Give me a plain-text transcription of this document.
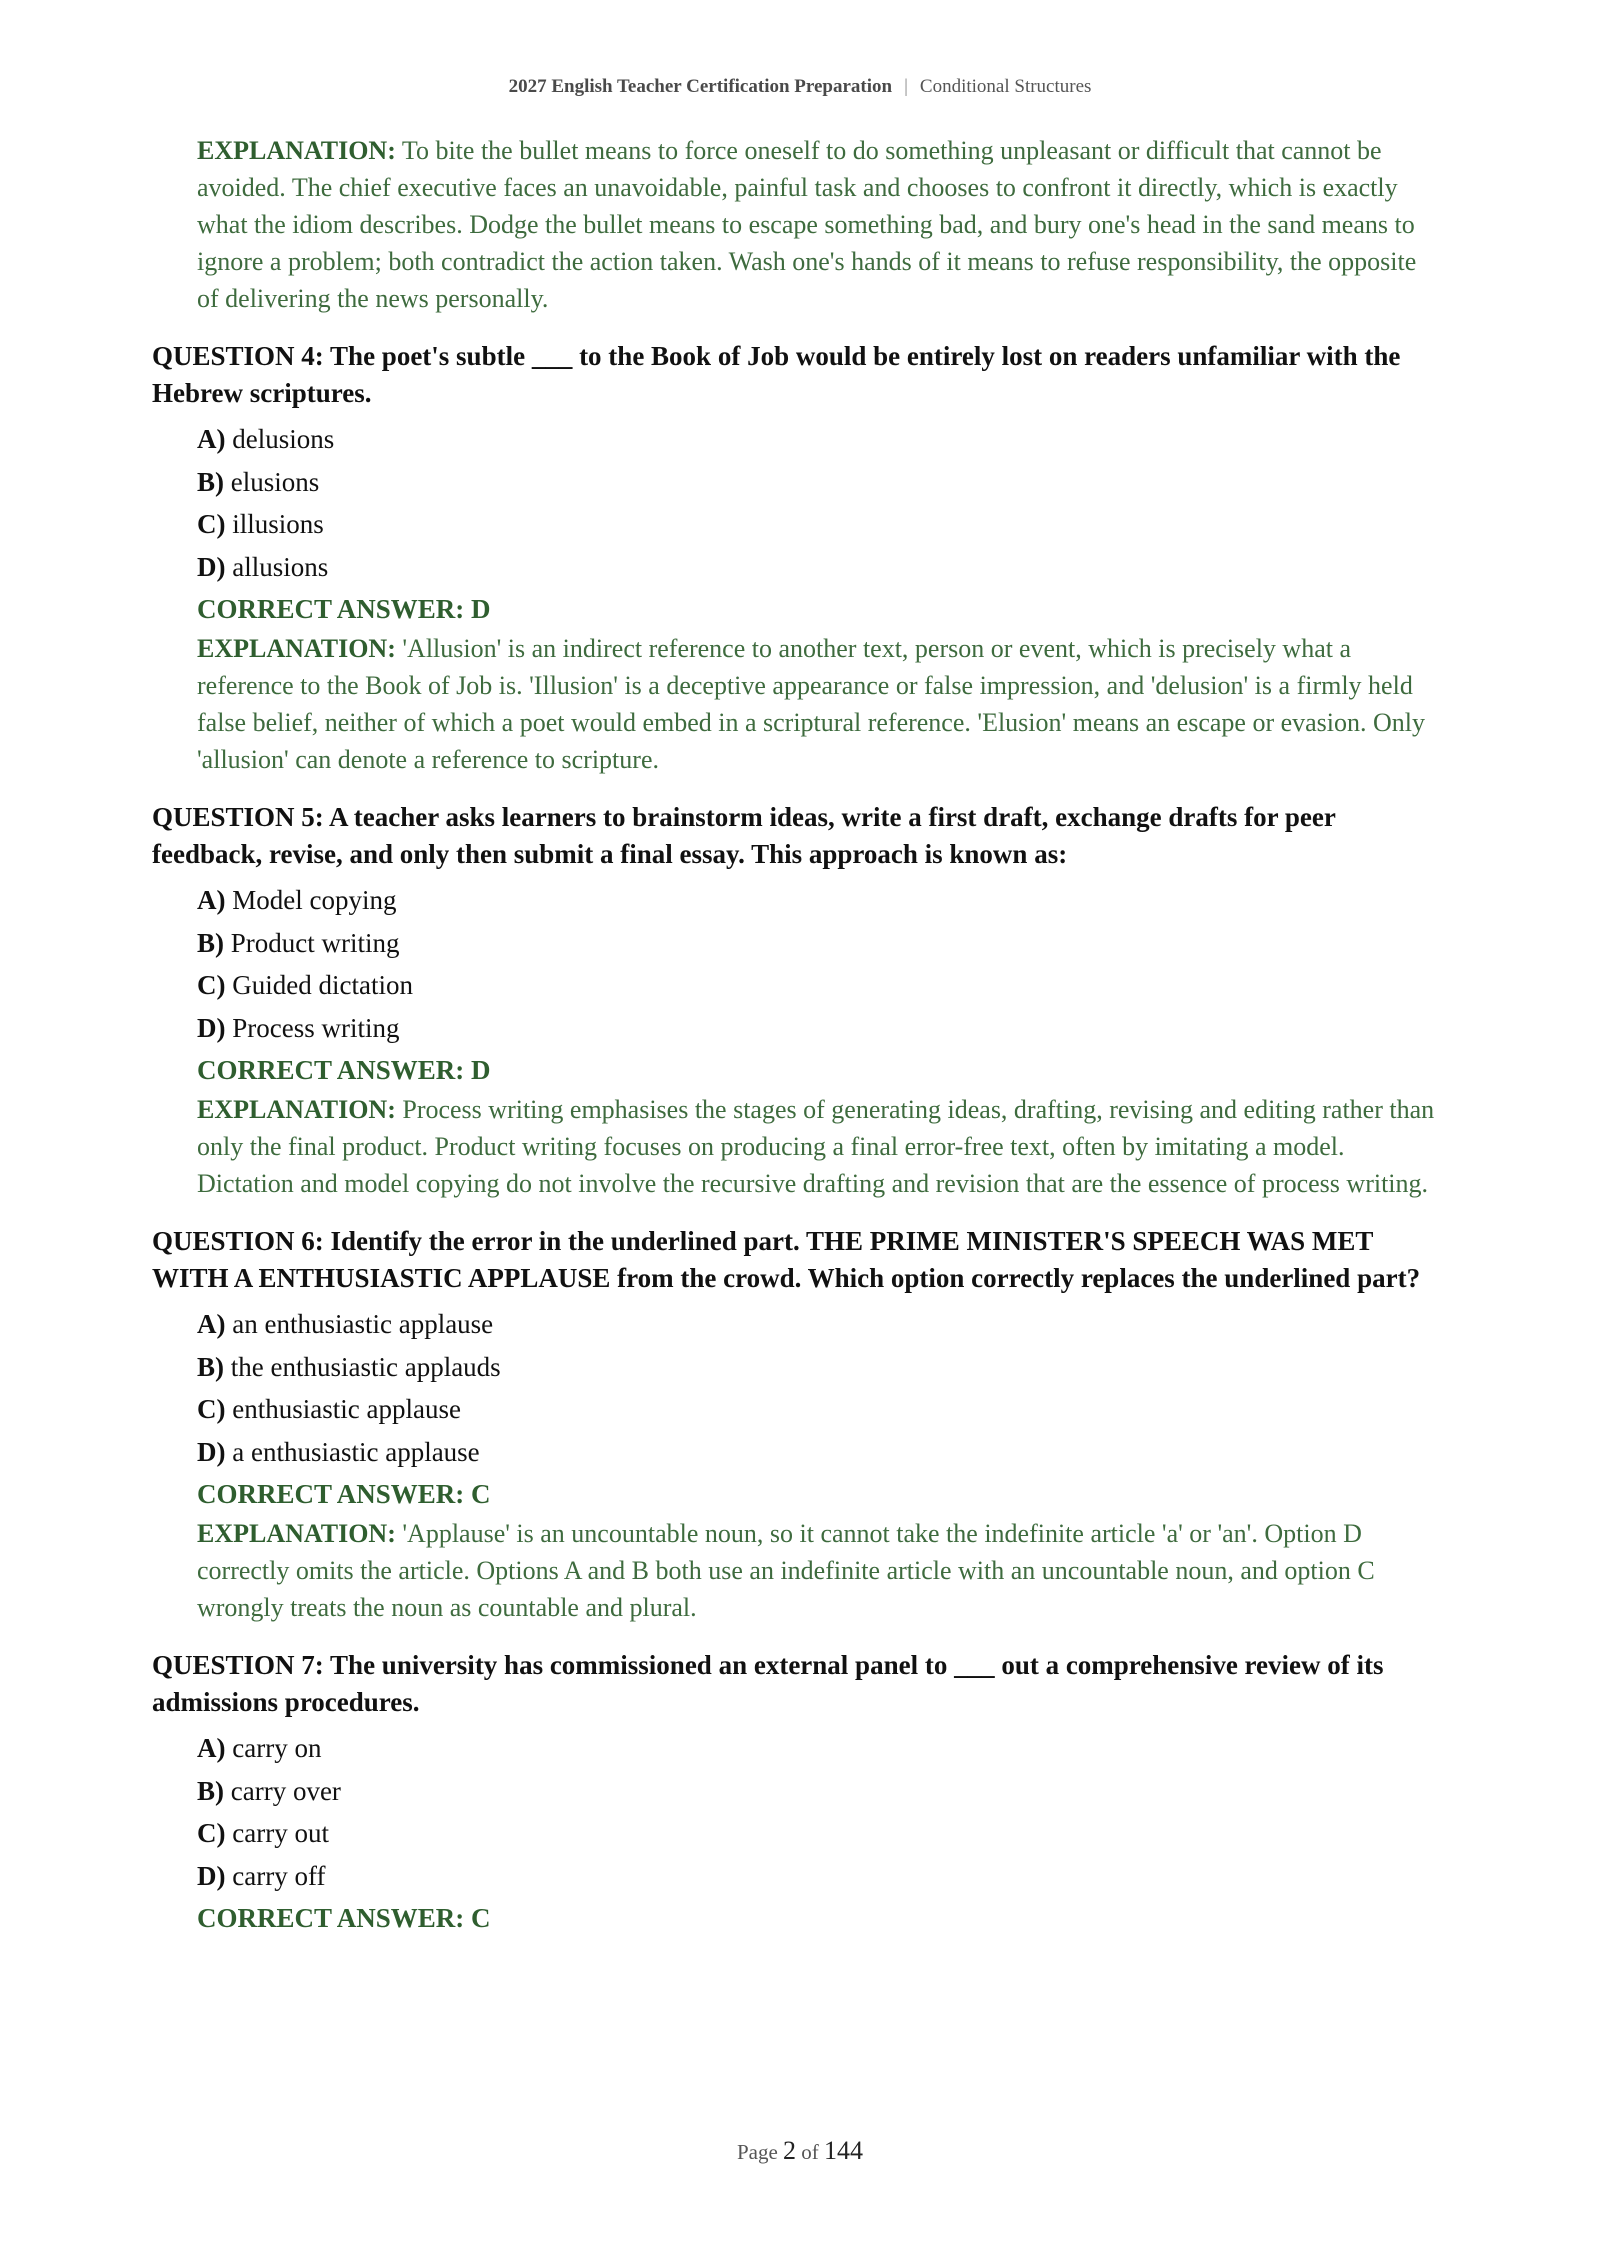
2027 English Teacher Certification Preparation | Conditional Structures
EXPLANATION: To bite the bullet means to force oneself to do something unpleasant or difficult that cannot be avoided. The chief executive faces an unavoidable, painful task and chooses to confront it directly, which is exactly what the idiom describes. Dodge the bullet means to escape something bad, and bury one's head in the sand means to ignore a problem; both contradict the action taken. Wash one's hands of it means to refuse responsibility, the opposite of delivering the news personally.
QUESTION 4: The poet's subtle ___ to the Book of Job would be entirely lost on readers unfamiliar with the Hebrew scriptures.
A) delusions
B) elusions
C) illusions
D) allusions
CORRECT ANSWER: D
EXPLANATION: 'Allusion' is an indirect reference to another text, person or event, which is precisely what a reference to the Book of Job is. 'Illusion' is a deceptive appearance or false impression, and 'delusion' is a firmly held false belief, neither of which a poet would embed in a scriptural reference. 'Elusion' means an escape or evasion. Only 'allusion' can denote a reference to scripture.
QUESTION 5: A teacher asks learners to brainstorm ideas, write a first draft, exchange drafts for peer feedback, revise, and only then submit a final essay. This approach is known as:
A) Model copying
B) Product writing
C) Guided dictation
D) Process writing
CORRECT ANSWER: D
EXPLANATION: Process writing emphasises the stages of generating ideas, drafting, revising and editing rather than only the final product. Product writing focuses on producing a final error-free text, often by imitating a model. Dictation and model copying do not involve the recursive drafting and revision that are the essence of process writing.
QUESTION 6: Identify the error in the underlined part. THE PRIME MINISTER'S SPEECH WAS MET WITH A ENTHUSIASTIC APPLAUSE from the crowd. Which option correctly replaces the underlined part?
A) an enthusiastic applause
B) the enthusiastic applauds
C) enthusiastic applause
D) a enthusiastic applause
CORRECT ANSWER: C
EXPLANATION: 'Applause' is an uncountable noun, so it cannot take the indefinite article 'a' or 'an'. Option D correctly omits the article. Options A and B both use an indefinite article with an uncountable noun, and option C wrongly treats the noun as countable and plural.
QUESTION 7: The university has commissioned an external panel to ___ out a comprehensive review of its admissions procedures.
A) carry on
B) carry over
C) carry out
D) carry off
CORRECT ANSWER: C
Page 2 of 144
